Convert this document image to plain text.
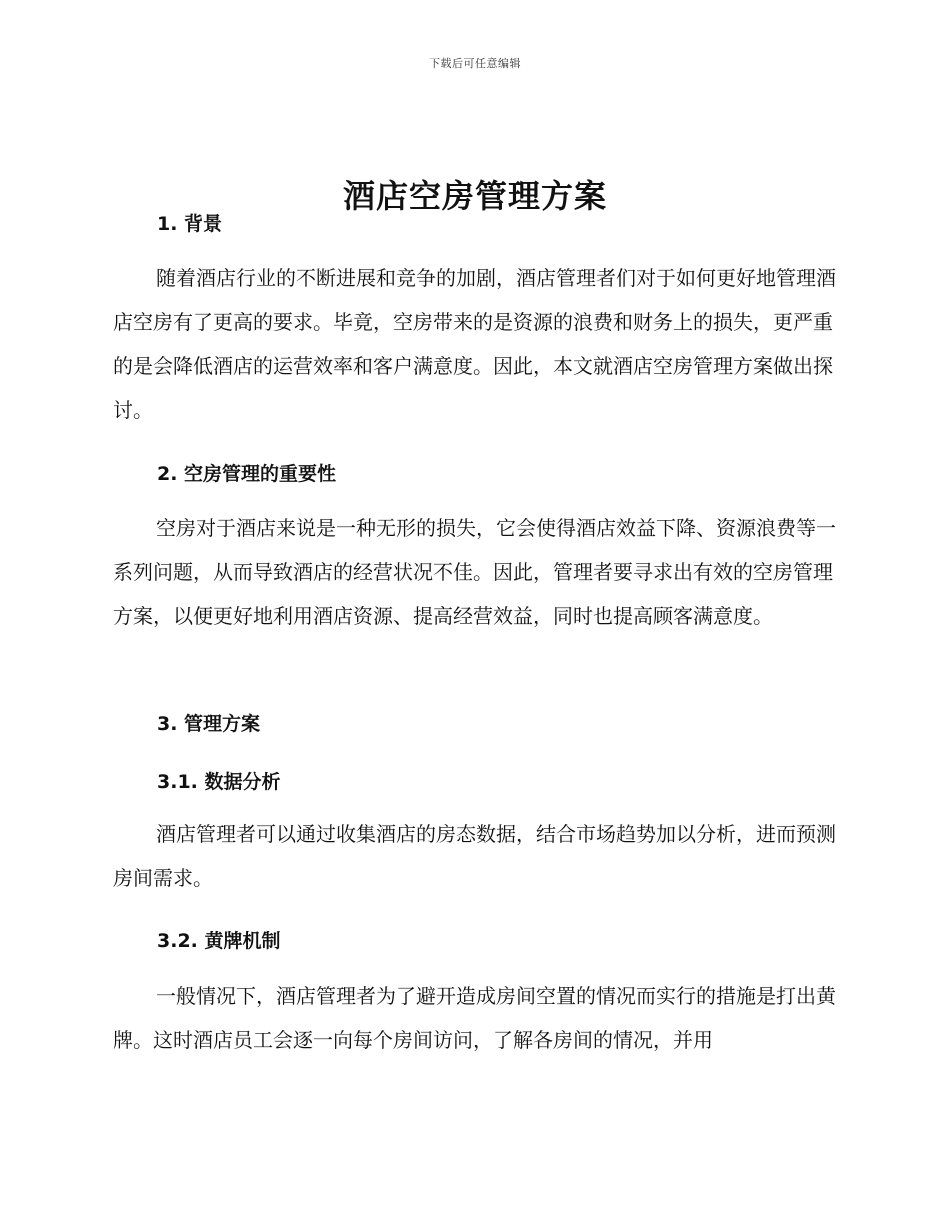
下载后可任意编辑
酒店空房管理方案
1. 背景

随着酒店行业的不断进展和竞争的加剧，酒店管理者们对于如何更好地管理酒店空房有了更高的要求。毕竟，空房带来的是资源的浪费和财务上的损失，更严重的是会降低酒店的运营效率和客户满意度。因此，本文就酒店空房管理方案做出探讨。

2. 空房管理的重要性

空房对于酒店来说是一种无形的损失，它会使得酒店效益下降、资源浪费等一系列问题，从而导致酒店的经营状况不佳。因此，管理者要寻求出有效的空房管理方案，以便更好地利用酒店资源、提高经营效益，同时也提高顾客满意度。

3. 管理方案
3.1. 数据分析

酒店管理者可以通过收集酒店的房态数据，结合市场趋势加以分析，进而预测房间需求。

3.2. 黄牌机制

一般情况下，酒店管理者为了避开造成房间空置的情况而实行的措施是打出黄牌。这时酒店员工会逐一向每个房间访问，了解各房间的情况，并用
